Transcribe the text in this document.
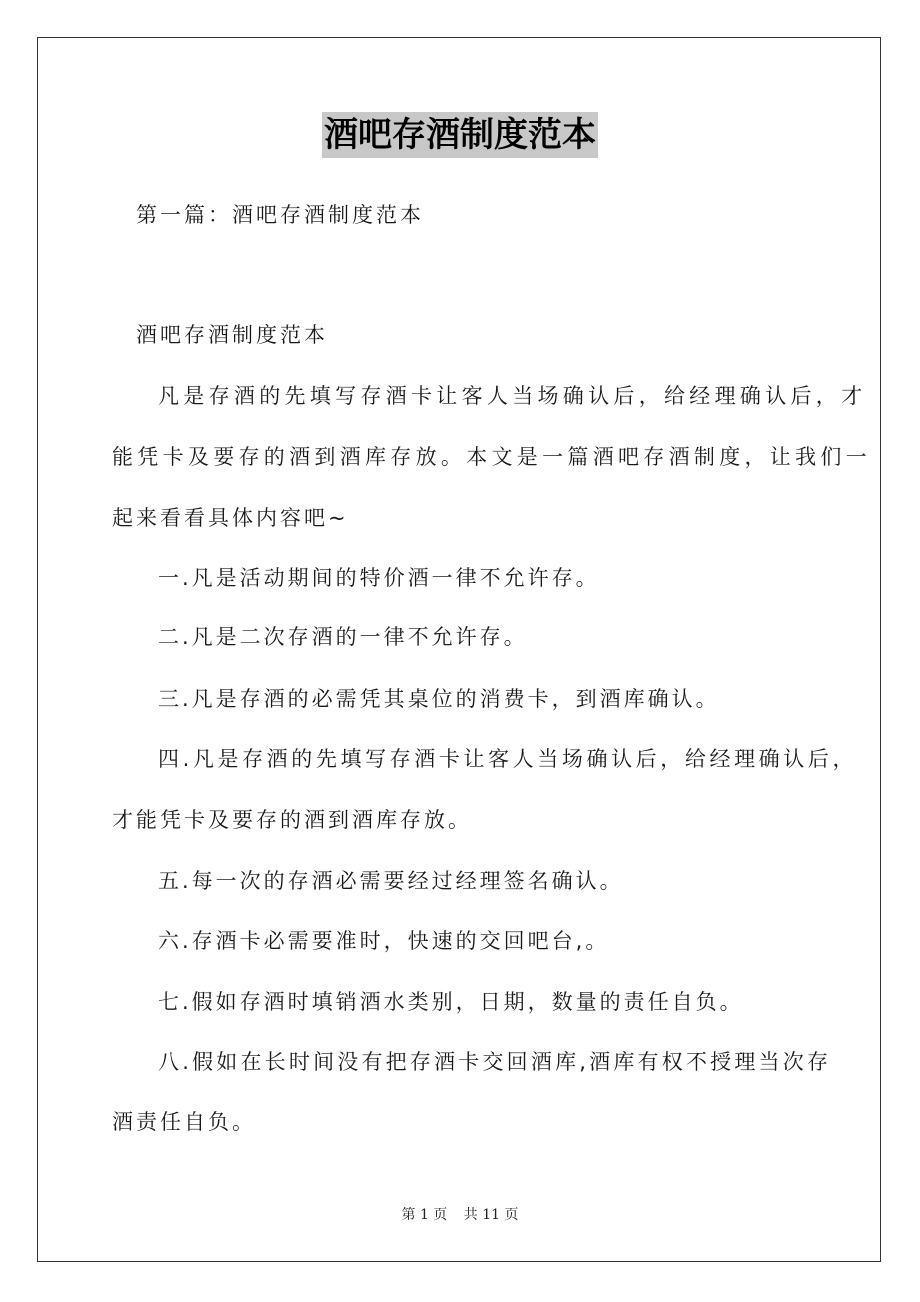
酒吧存酒制度范本
第一篇：酒吧存酒制度范本
酒吧存酒制度范本
凡是存酒的先填写存酒卡让客人当场确认后，给经理确认后，才
能凭卡及要存的酒到酒库存放。本文是一篇酒吧存酒制度，让我们一
起来看看具体内容吧~
一.凡是活动期间的特价酒一律不允许存。
二.凡是二次存酒的一律不允许存。
三.凡是存酒的必需凭其桌位的消费卡，到酒库确认。
四.凡是存酒的先填写存酒卡让客人当场确认后，给经理确认后，
才能凭卡及要存的酒到酒库存放。
五.每一次的存酒必需要经过经理签名确认。
六.存酒卡必需要准时，快速的交回吧台,。
七.假如存酒时填销酒水类别，日期，数量的责任自负。
八.假如在长时间没有把存酒卡交回酒库,酒库有权不授理当次存
酒责任自负。
第 1 页 共 11 页
